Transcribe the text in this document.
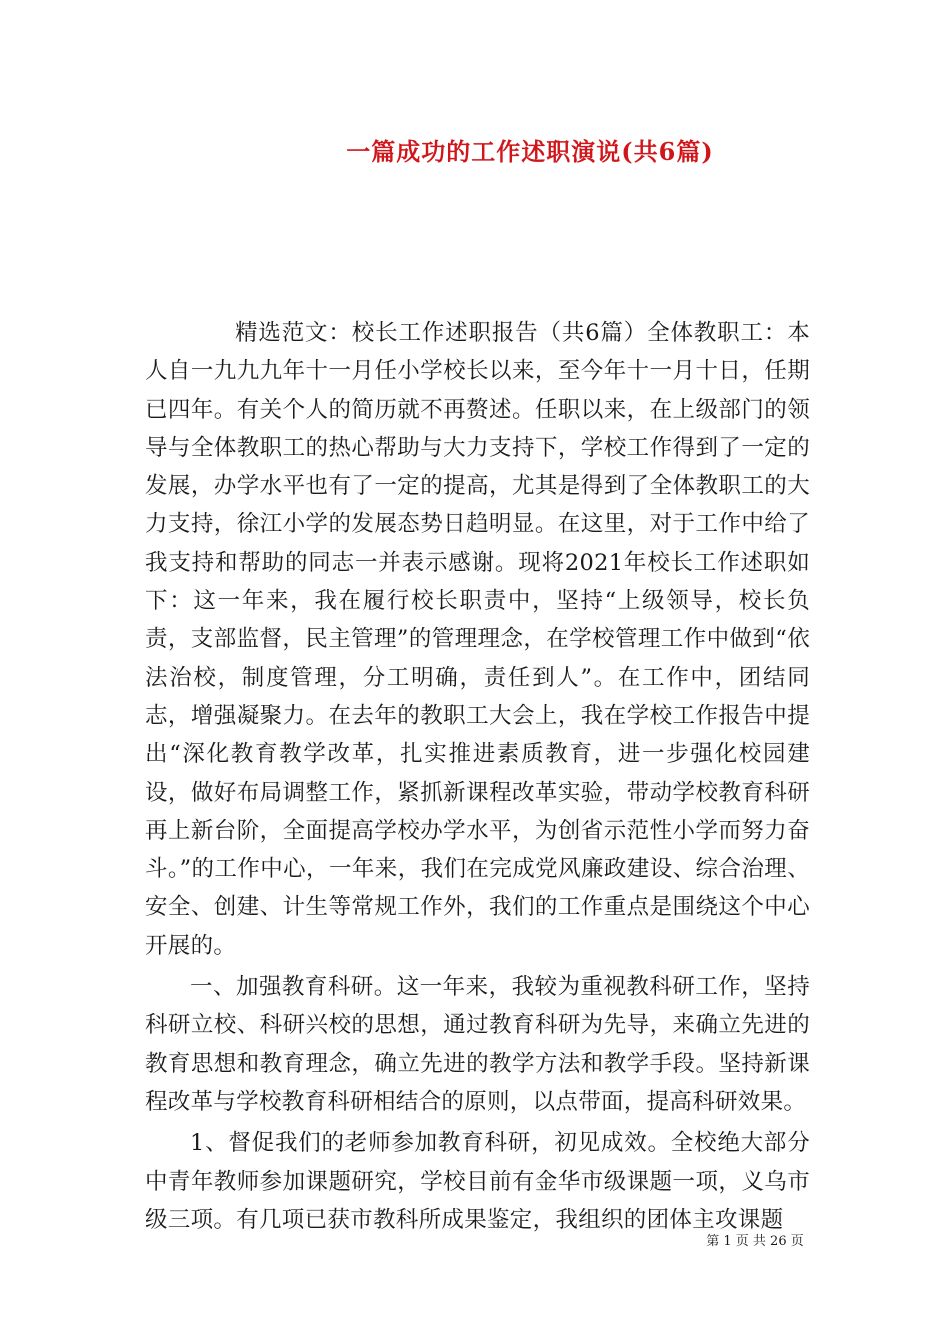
一篇成功的工作述职演说(共6篇)

精选范文：校长工作述职报告（共6篇）全体教职工：本人自一九九九年十一月任小学校长以来，至今年十一月十日，任期已四年。有关个人的简历就不再赘述。任职以来，在上级部门的领导与全体教职工的热心帮助与大力支持下，学校工作得到了一定的发展，办学水平也有了一定的提高，尤其是得到了全体教职工的大力支持，徐江小学的发展态势日趋明显。在这里，对于工作中给了我支持和帮助的同志一并表示感谢。现将2021年校长工作述职如下：这一年来，我在履行校长职责中，坚持“上级领导，校长负责，支部监督，民主管理”的管理理念，在学校管理工作中做到“依法治校，制度管理，分工明确，责任到人”。在工作中，团结同志，增强凝聚力。在去年的教职工大会上，我在学校工作报告中提出“深化教育教学改革，扎实推进素质教育，进一步强化校园建设，做好布局调整工作，紧抓新课程改革实验，带动学校教育科研再上新台阶，全面提高学校办学水平，为创省示范性小学而努力奋斗。”的工作中心，一年来，我们在完成党风廉政建设、综合治理、安全、创建、计生等常规工作外，我们的工作重点是围绕这个中心开展的。

一、加强教育科研。这一年来，我较为重视教科研工作，坚持科研立校、科研兴校的思想，通过教育科研为先导，来确立先进的教育思想和教育理念，确立先进的教学方法和教学手段。坚持新课程改革与学校教育科研相结合的原则，以点带面，提高科研效果。

1、督促我们的老师参加教育科研，初见成效。全校绝大部分中青年教师参加课题研究，学校目前有金华市级课题一项，义乌市级三项。有几项已获市教科所成果鉴定，我组织的团体主攻课题

第 1 页 共 26 页
